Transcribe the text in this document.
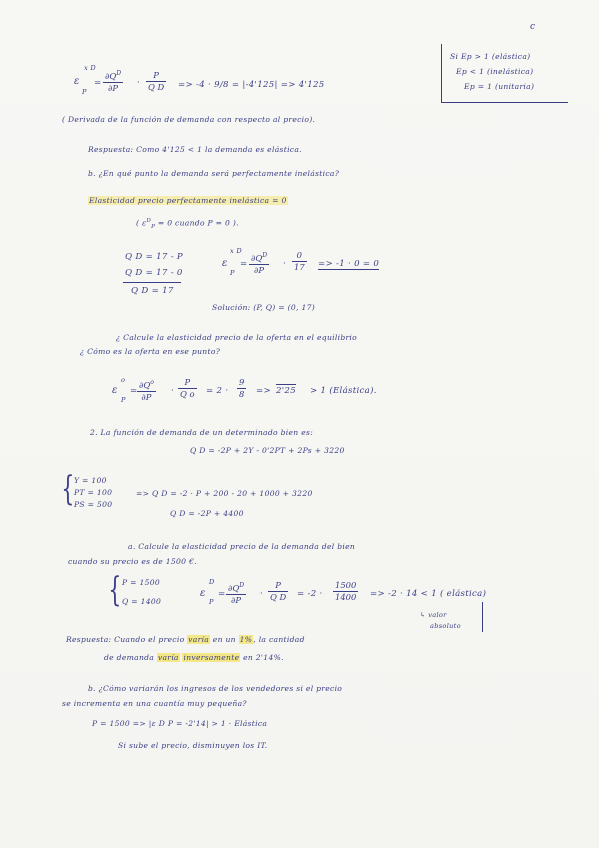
c
Si Ep > 1 (elástica)
Ep < 1 (inelástica)
Ep = 1 (unitaria)
ε
x D
P
= $\frac{\partial Q^D}{\partial P} \cdot \frac{P}{\text{Q D}} => -4 \cdot 9/8 = |-4'125| => 4'125$
( Derivada de la función de demanda con respecto al precio).
Respuesta: Como 4'125 < 1 la demanda es elástica.
b. ¿En qué punto la demanda será perfectamente inelástica?
Elasticidad precio perfectamente inelástica = 0
( $\varepsilon^D_P = 0$ cuando P = 0 ).
Q D = 17 - P
Q D = 17 - 0
Q D = 17
ε
x D
P
= $\frac{\partial Q^D}{\partial P} \cdot \frac{0}{17} => -1 \cdot 0 = 0$
Solución: (P, Q) = (0, 17)
¿ Calcule la elasticidad precio de la oferta en el equilibrio
¿ Cómo es la oferta en ese punto?
ε
o
P
= $\frac{\partial Q^o}{\partial P} \cdot \frac{P}{\text{Q o}} = 2 \cdot \frac{9}{8} => 2'25 > 1$ (Elástica).
2. La función de demanda de un determinado bien es:
Q D = -2P + 2Y - 0'2PT + 2Ps + 3220
{ Y = 100
PT = 100
PS = 500
=> Q D = -2 · P + 200 - 20 + 1000 + 3220
Q D = -2P + 4400
a. Calcule la elasticidad precio de la demanda del bien
cuando su precio es de 1500 €.
{ P = 1500
Q = 1400
ε
D
P
= $\frac{\partial Q^D}{\partial P} \cdot \frac{P}{\text{Q D}} = -2 \cdot \frac{1500}{1400} => -2 \cdot 14 < 1$ ( elástica)
↳ valor
absoluto
Respuesta: Cuando el precio varía en un 1%, la cantidad
de demanda varía inversamente en 2'14%.
b. ¿Cómo variarán los ingresos de los vendedores si el precio
se incrementa en una cuantía muy pequeña?
P = 1500 => |ε D P = -2'14| > 1 · Elástica
Si sube el precio, disminuyen los IT.
